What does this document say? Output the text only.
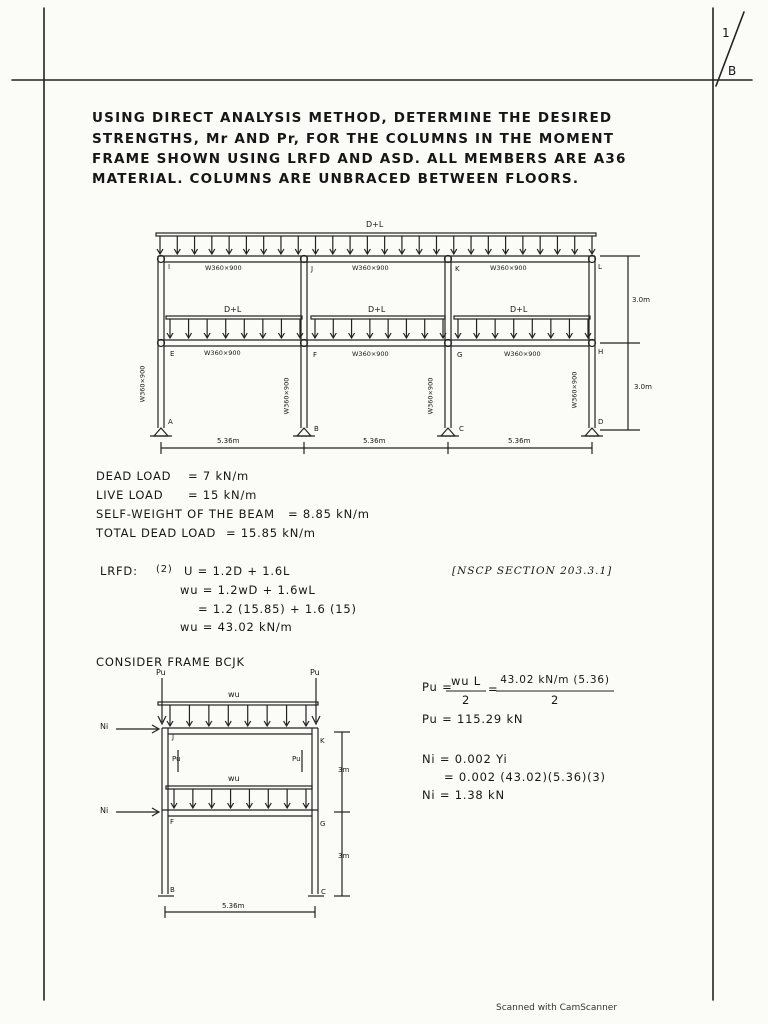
1
B
USING DIRECT ANALYSIS METHOD, DETERMINE THE DESIRED
STRENGTHS, Mr AND Pr, FOR THE COLUMNS IN THE MOMENT
FRAME SHOWN USING LRFD AND ASD. ALL MEMBERS ARE A36
MATERIAL. COLUMNS ARE UNBRACED BETWEEN FLOORS.
D+L
D+L	D+L	D+L
W360×900	W360×900	W360×900
W360×900	W360×900	W360×900
W360×900	W360×900	W360×900	W360×900
I	J	K	L
E	F	G	H
A
B	C
D
5.36m	5.36m	5.36m
3.0m
3.0m
DEAD LOAD = 7 kN/m
LIVE LOAD = 15 kN/m
SELF-WEIGHT OF THE BEAM = 8.85 kN/m
TOTAL DEAD LOAD = 15.85 kN/m
LRFD: (2) U = 1.2D + 1.6L	[NSCP SECTION 203.3.1]
wu = 1.2wD + 1.6wL
= 1.2 (15.85) + 1.6 (15)
wu = 43.02 kN/m
CONSIDER FRAME BCJK
Pu	Pu
wu
wu
Pu	Pu
Ni
Ni
J	K
F	G
B	C
5.36m
3m
3m
Pu =
wu L
2
=
43.02 kN/m (5.36)
2
Pu = 115.29 kN
Ni = 0.002 Yi
= 0.002 (43.02)(5.36)(3)
Ni = 1.38 kN
Scanned with CamScanner
